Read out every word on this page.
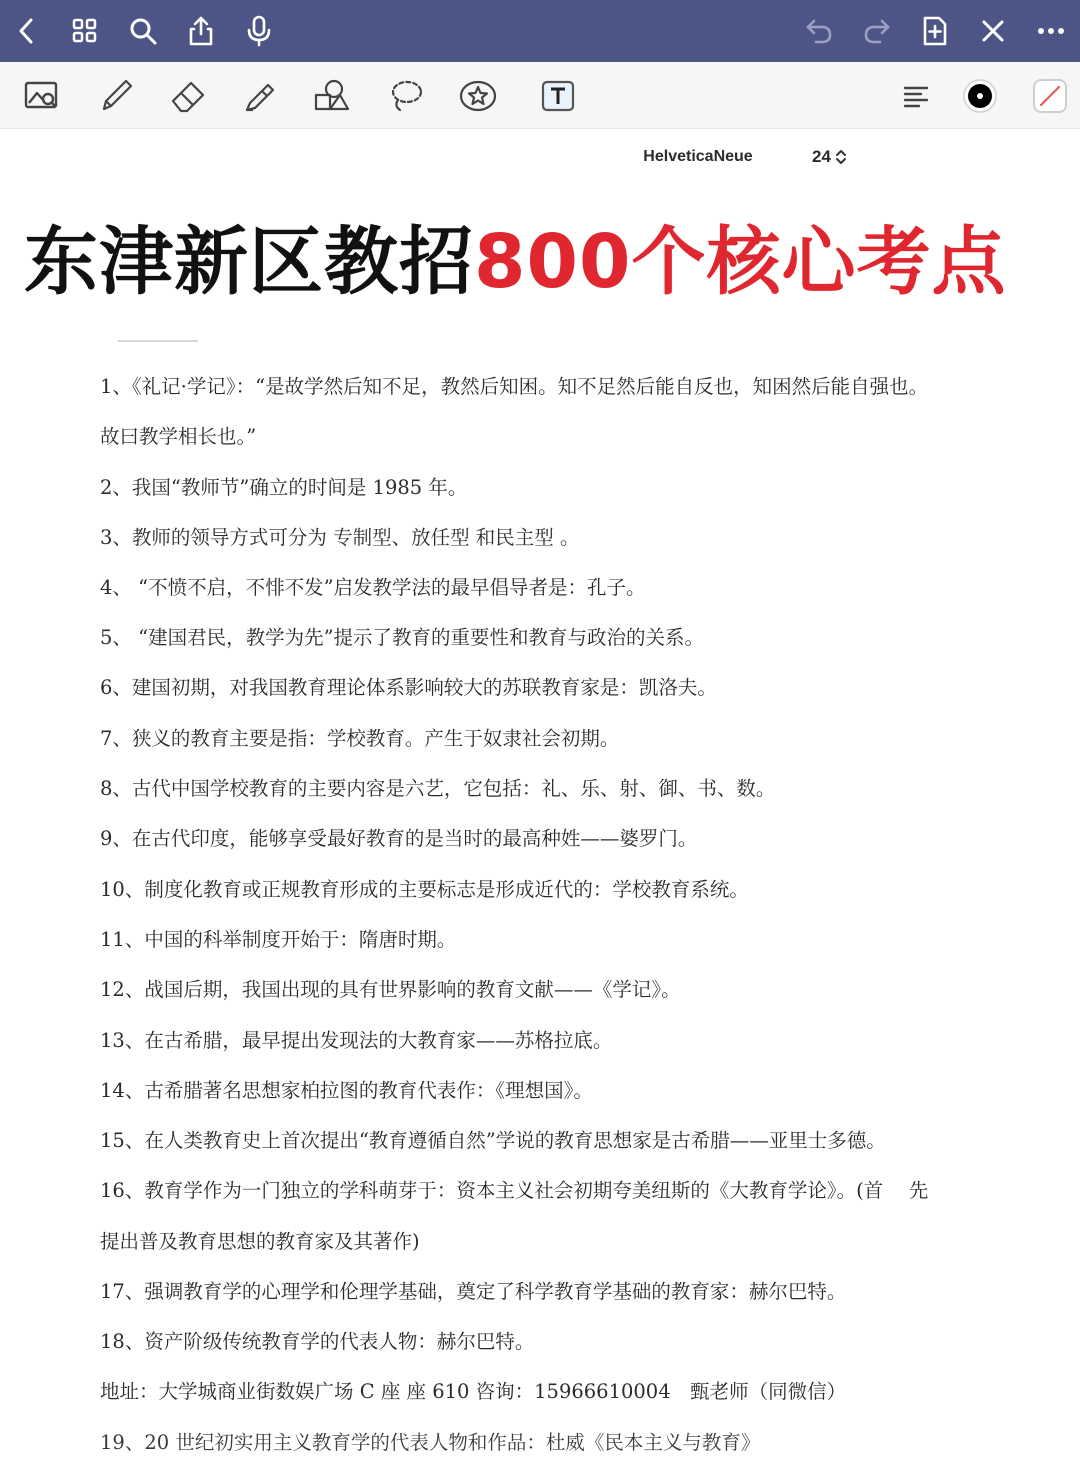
HelveticaNeue	24
东津新区教招800个核心考点
1、《礼记·学记》：“是故学然后知不足，教然后知困。知不足然后能自反也，知困然后能自强也。
故曰教学相长也。”
2、我国“教师节”确立的时间是 1985 年。
3、教师的领导方式可分为 专制型、放任型 和民主型 。
4、 “不愤不启，不悱不发”启发教学法的最早倡导者是：孔子。
5、 “建国君民，教学为先”提示了教育的重要性和教育与政治的关系。
6、建国初期，对我国教育理论体系影响较大的苏联教育家是：凯洛夫。
7、狭义的教育主要是指：学校教育。产生于奴隶社会初期。
8、古代中国学校教育的主要内容是六艺，它包括：礼、乐、射、御、书、数。
9、在古代印度，能够享受最好教育的是当时的最高种姓——婆罗门。
10、制度化教育或正规教育形成的主要标志是形成近代的：学校教育系统。
11、中国的科举制度开始于：隋唐时期。
12、战国后期，我国出现的具有世界影响的教育文献——《学记》。
13、在古希腊，最早提出发现法的大教育家——苏格拉底。
14、古希腊著名思想家柏拉图的教育代表作：《理想国》。
15、在人类教育史上首次提出“教育遵循自然”学说的教育思想家是古希腊——亚里士多德。
16、教育学作为一门独立的学科萌芽于：资本主义社会初期夸美纽斯的《大教育学论》。(首　 先
提出普及教育思想的教育家及其著作)
17、强调教育学的心理学和伦理学基础，奠定了科学教育学基础的教育家：赫尔巴特。
18、资产阶级传统教育学的代表人物：赫尔巴特。
地址：大学城商业街数娱广场 C 座 座 610 咨询：15966610004　甄老师（同微信）
19、20 世纪初实用主义教育学的代表人物和作品：杜威《民本主义与教育》
